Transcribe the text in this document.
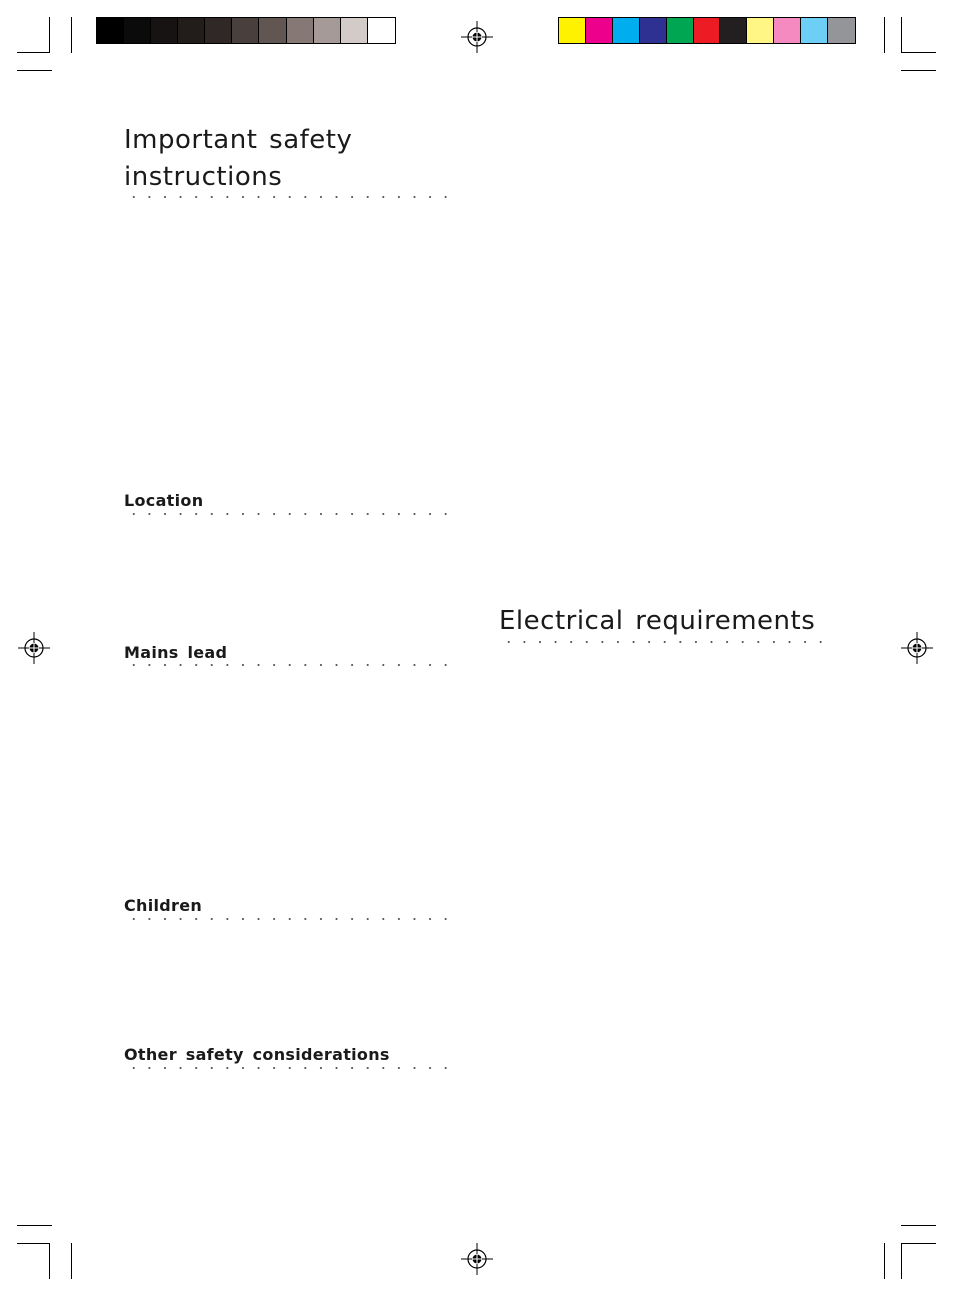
Important safety
instructions
Location
Mains lead
Children
Other safety considerations
Electrical requirements
